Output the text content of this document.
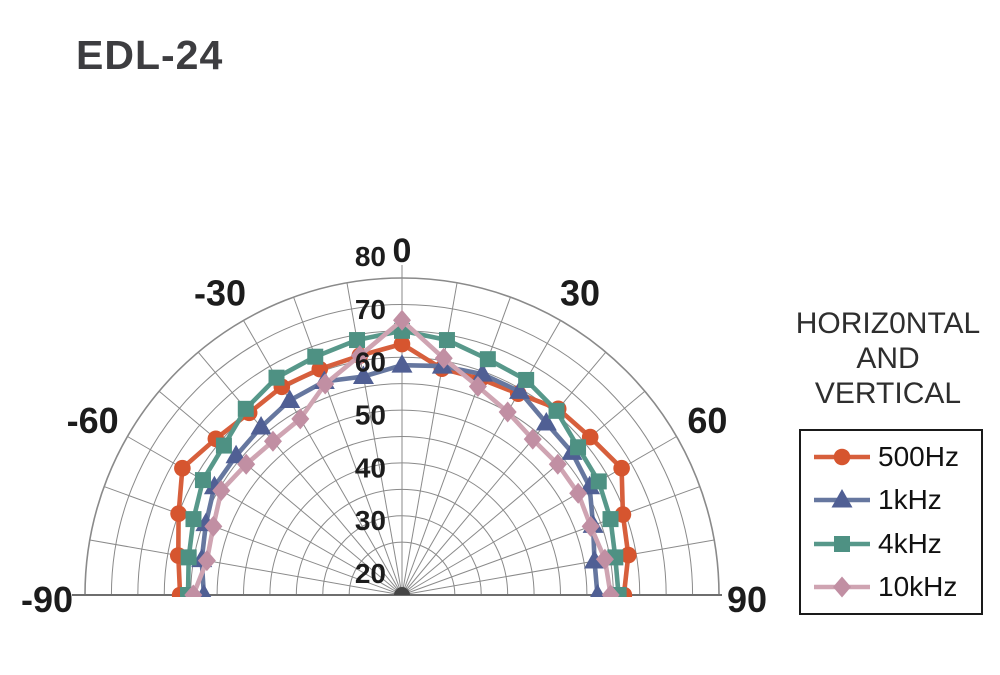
EDL-24
20
30
40
50
60
70
80
-90
-60
-30
0
30
60
90
HORIZ0NTAL
AND
VERTICAL
500Hz
1kHz
4kHz
10kHz
